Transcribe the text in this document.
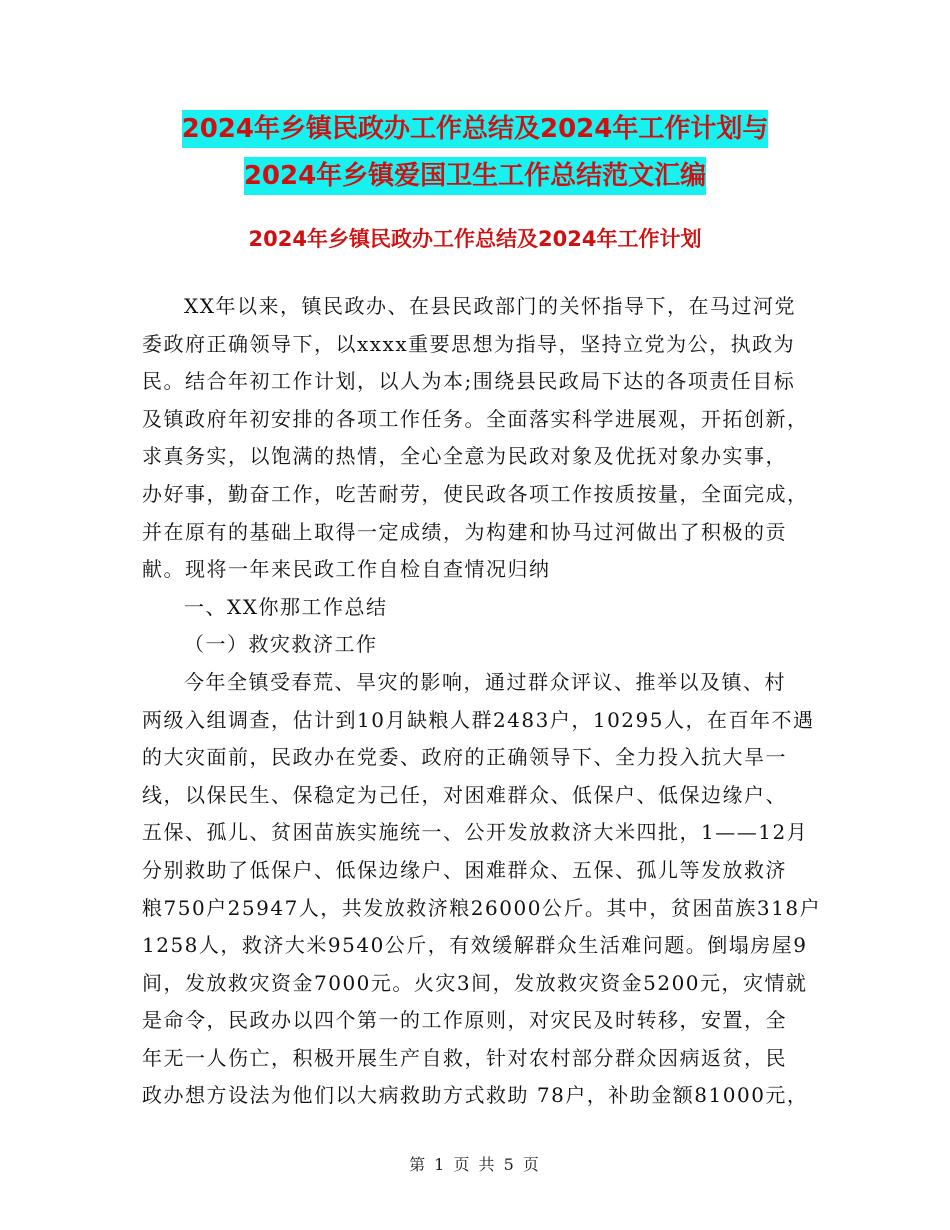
2024年乡镇民政办工作总结及2024年工作计划与
2024年乡镇爱国卫生工作总结范文汇编
2024年乡镇民政办工作总结及2024年工作计划
XX年以来，镇民政办、在县民政部门的关怀指导下，在马过河党
委政府正确领导下，以xxxx重要思想为指导，坚持立党为公，执政为
民。结合年初工作计划，以人为本;围绕县民政局下达的各项责任目标
及镇政府年初安排的各项工作任务。全面落实科学进展观，开拓创新，
求真务实，以饱满的热情，全心全意为民政对象及优抚对象办实事，
办好事，勤奋工作，吃苦耐劳，使民政各项工作按质按量，全面完成，
并在原有的基础上取得一定成绩，为构建和协马过河做出了积极的贡
献。现将一年来民政工作自检自查情况归纳
一、XX你那工作总结
（一）救灾救济工作
今年全镇受春荒、旱灾的影响，通过群众评议、推举以及镇、村
两级入组调查，估计到10月缺粮人群2483户，10295人，在百年不遇
的大灾面前，民政办在党委、政府的正确领导下、全力投入抗大旱一
线，以保民生、保稳定为己任，对困难群众、低保户、低保边缘户、
五保、孤儿、贫困苗族实施统一、公开发放救济大米四批，1——12月
分别救助了低保户、低保边缘户、困难群众、五保、孤儿等发放救济
粮750户25947人，共发放救济粮26000公斤。其中，贫困苗族318户
1258人，救济大米9540公斤，有效缓解群众生活难问题。倒塌房屋9
间，发放救灾资金7000元。火灾3间，发放救灾资金5200元，灾情就
是命令，民政办以四个第一的工作原则，对灾民及时转移，安置，全
年无一人伤亡，积极开展生产自救，针对农村部分群众因病返贫，民
政办想方设法为他们以大病救助方式救助 78户，补助金额81000元，
第 1 页 共 5 页
